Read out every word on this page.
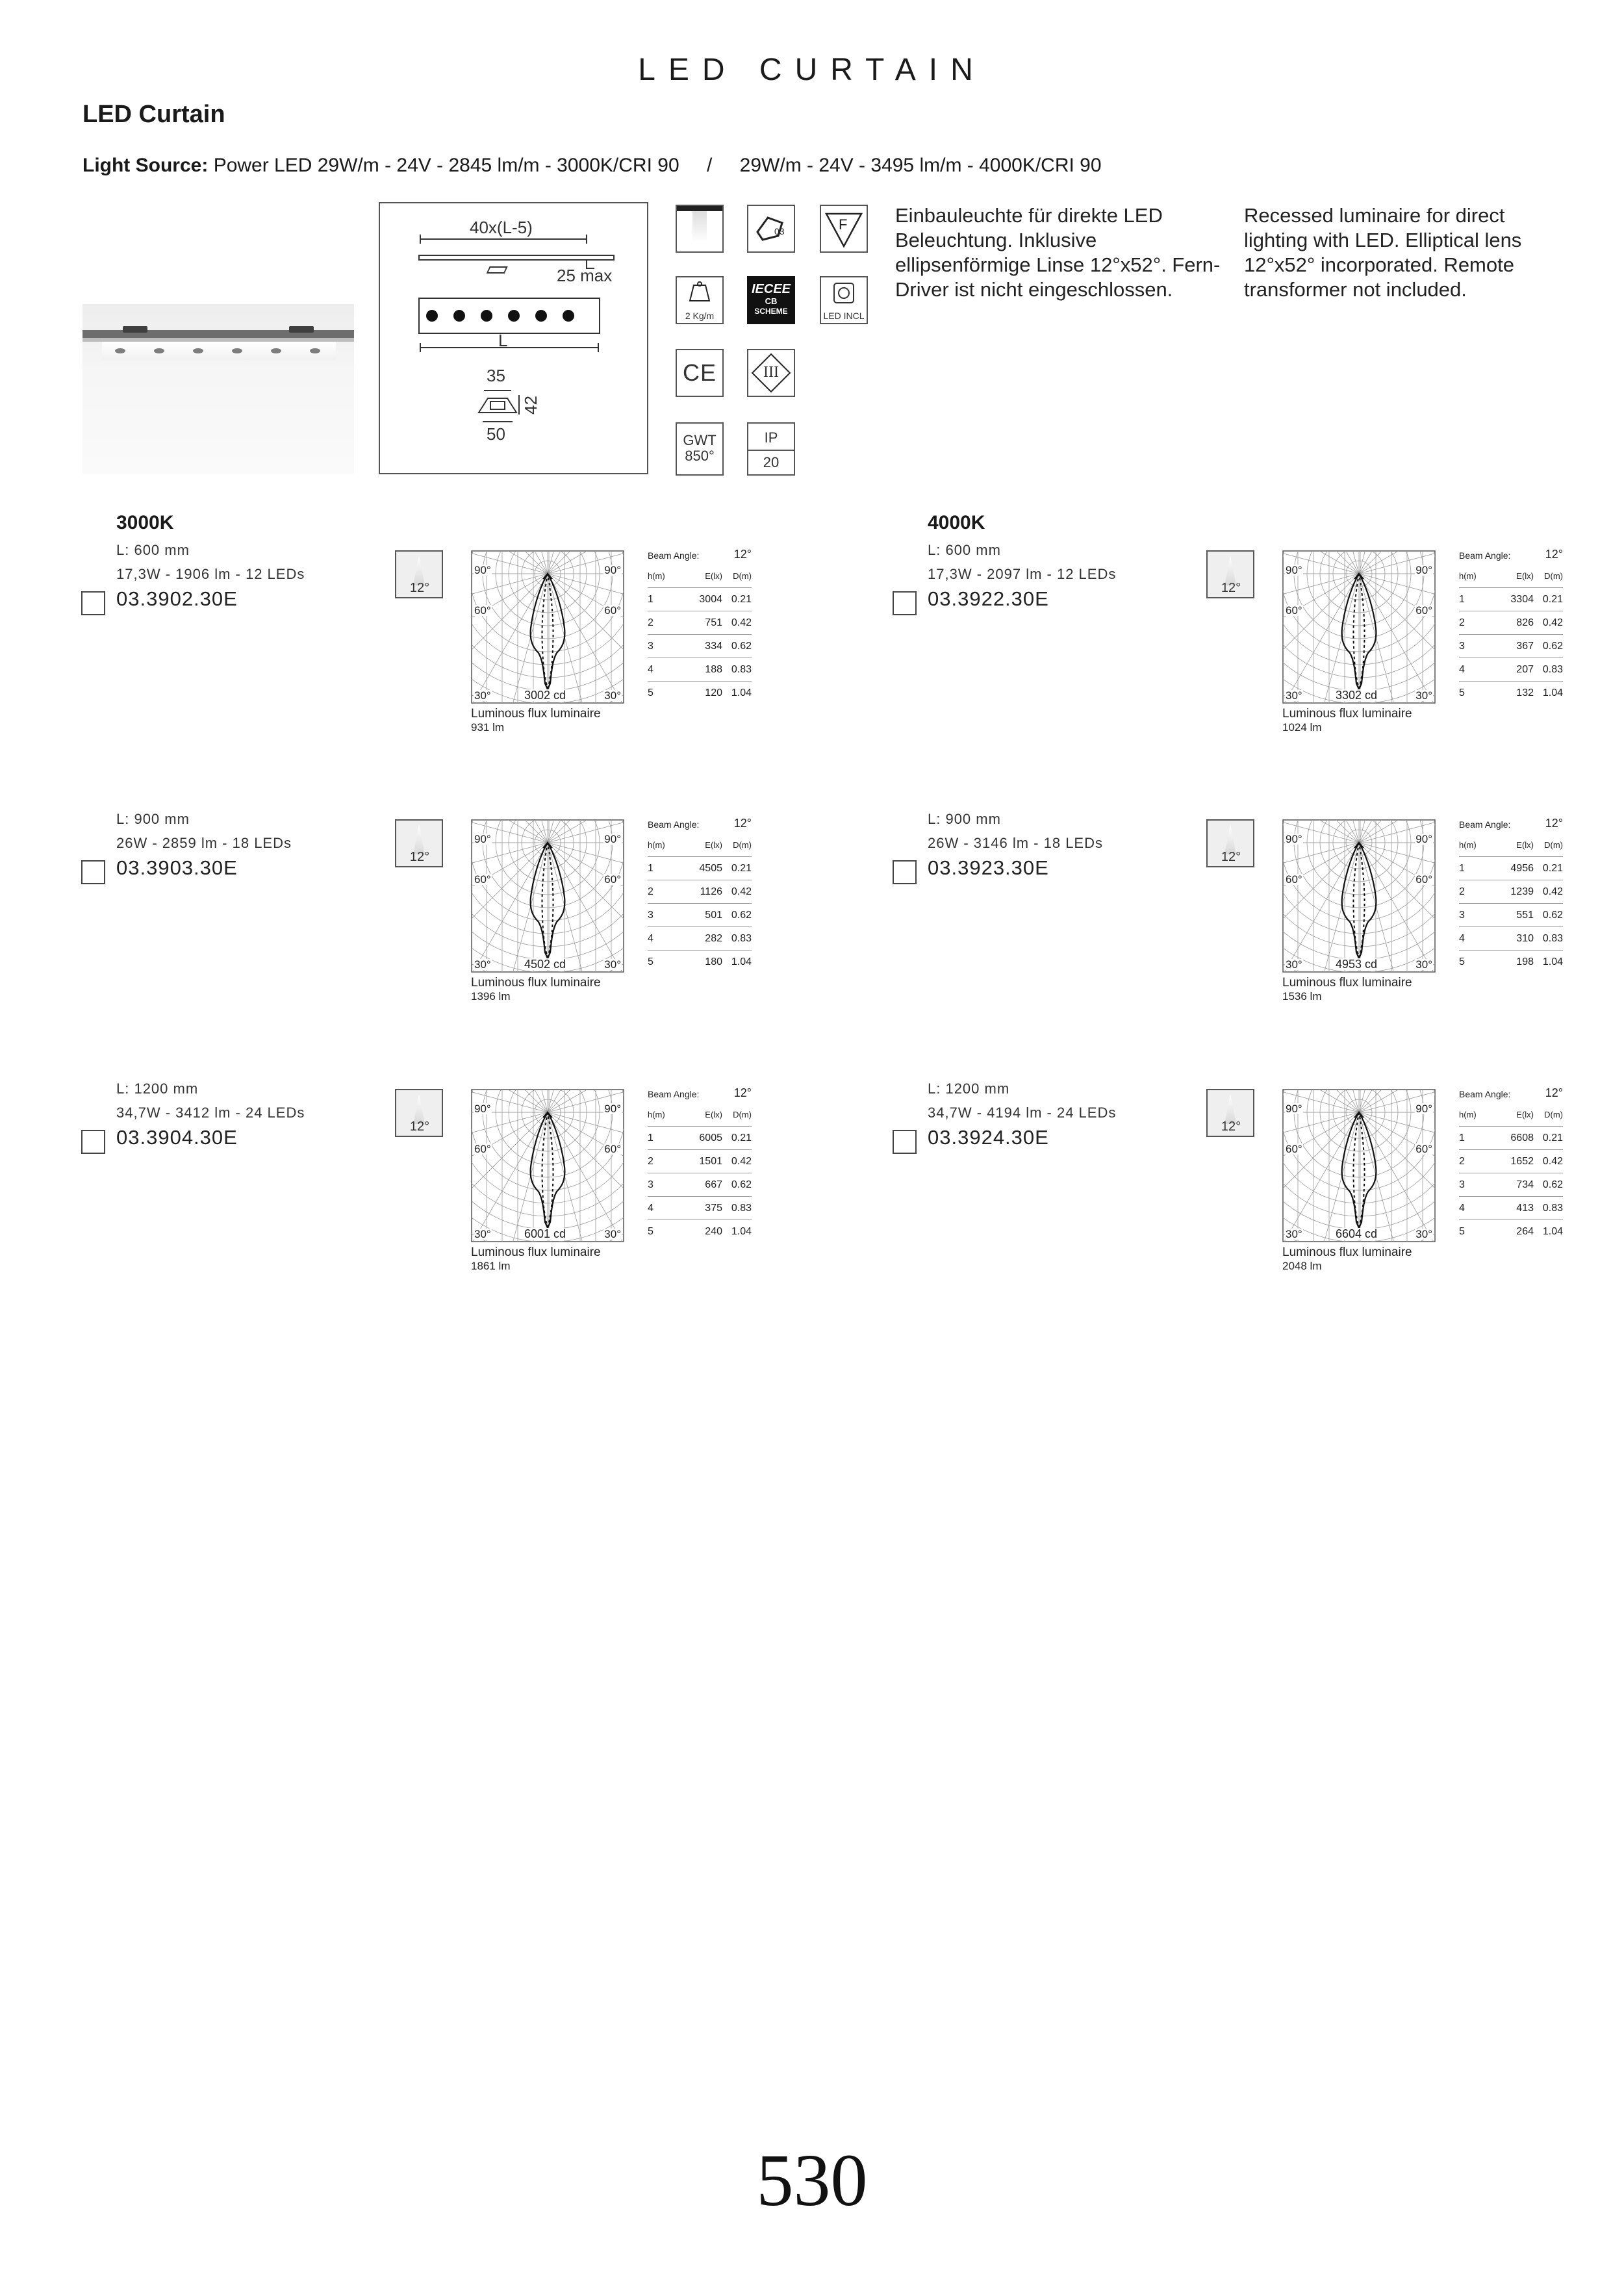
LED CURTAIN
LED Curtain
Light Source: Power LED 29W/m - 24V - 2845 lm/m - 3000K/CRI 90 / 29W/m - 24V - 3495 lm/m - 4000K/CRI 90
40x(L-5)
25 max
L
35
42
50
03	F
2 Kg/m
IECEE
CB
SCHEME	LED INCL
CE	III
GWT
850°
IP
20
Einbauleuchte für direkte LED Beleuchtung. Inklusive ellipsenförmige Linse 12°x52°. Fern-Driver ist nicht eingeschlossen.
Recessed luminaire for direct lighting with LED. Elliptical lens 12°x52° incorporated. Remote transformer not included.
3000K
L: 600 mm
17,3W - 1906 lm - 12 LEDs
03.3902.30E	12°
90°	90°
60°	60°
30°	30°
3002 cd
Luminous flux luminaire
931 lm
Beam Angle:	12°
h(m)	E(lx)	D(m)
1	3004 0.21
2	751 0.42
3	334 0.62
4	188 0.83
5	120 1.04
L: 900 mm
26W - 2859 lm - 18 LEDs
03.3903.30E	12°
90°	90°
60°	60°
30°	30°
4502 cd
Luminous flux luminaire
1396 lm
Beam Angle:	12°
h(m)	E(lx)	D(m)
1	4505 0.21
2	1126 0.42
3	501 0.62
4	282 0.83
5	180 1.04
L: 1200 mm
34,7W - 3412 lm - 24 LEDs
03.3904.30E	12°
90°	90°
60°	60°
30°	30°
6001 cd
Luminous flux luminaire
1861 lm
Beam Angle:	12°
h(m)	E(lx)	D(m)
1	6005 0.21
2	1501 0.42
3	667 0.62
4	375 0.83
5	240 1.04
4000K
L: 600 mm
17,3W - 2097 lm - 12 LEDs
03.3922.30E	12°
90°	90°
60°	60°
30°	30°
3302 cd
Luminous flux luminaire
1024 lm
Beam Angle:	12°
h(m)	E(lx)	D(m)
1	3304 0.21
2	826 0.42
3	367 0.62
4	207 0.83
5	132 1.04
L: 900 mm
26W - 3146 lm - 18 LEDs
03.3923.30E	12°
90°	90°
60°	60°
30°	30°
4953 cd
Luminous flux luminaire
1536 lm
Beam Angle:	12°
h(m)	E(lx)	D(m)
1	4956 0.21
2	1239 0.42
3	551 0.62
4	310 0.83
5	198 1.04
L: 1200 mm
34,7W - 4194 lm - 24 LEDs
03.3924.30E	12°
90°	90°
60°	60°
30°	30°
6604 cd
Luminous flux luminaire
2048 lm
Beam Angle:	12°
h(m)	E(lx)	D(m)
1	6608 0.21
2	1652 0.42
3	734 0.62
4	413 0.83
5	264 1.04
530
